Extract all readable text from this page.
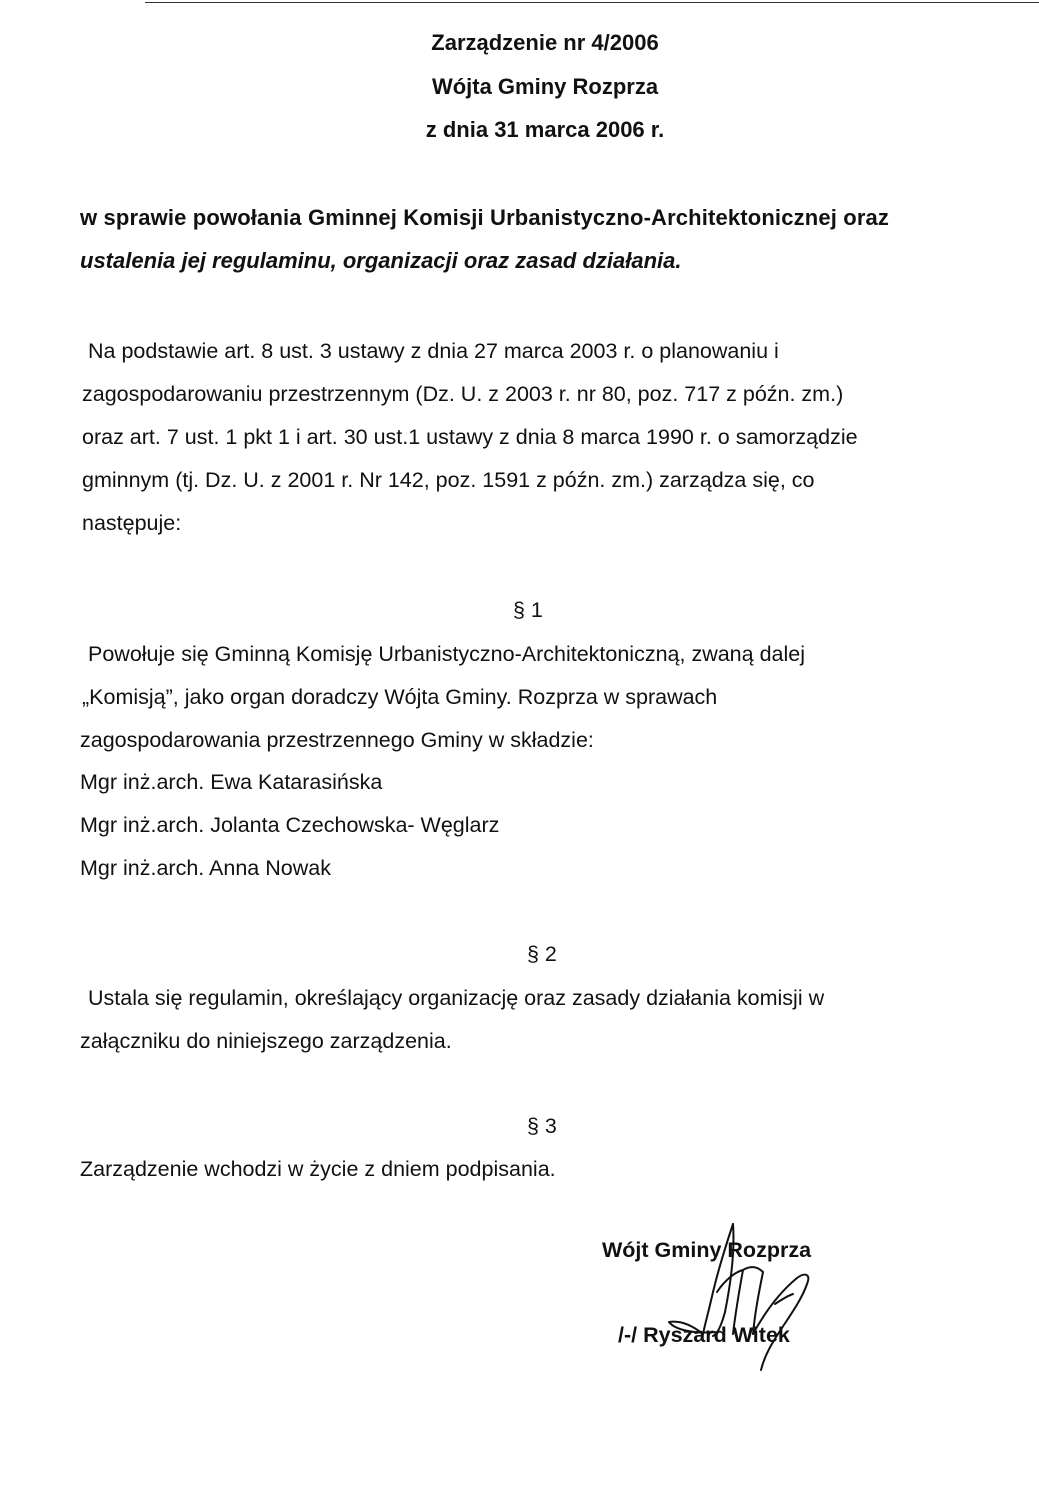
Zarządzenie nr 4/2006
Wójta Gminy Rozprza
z dnia 31 marca 2006 r.
w sprawie powołania Gminnej Komisji Urbanistyczno-Architektonicznej oraz
ustalenia jej regulaminu, organizacji oraz zasad działania.
Na podstawie art. 8 ust. 3 ustawy z dnia 27 marca 2003 r. o planowaniu i
zagospodarowaniu przestrzennym (Dz. U. z 2003 r. nr 80, poz. 717 z późn. zm.)
oraz art. 7 ust. 1 pkt 1 i art. 30 ust.1 ustawy z dnia 8 marca 1990 r. o samorządzie
gminnym (tj. Dz. U. z 2001 r. Nr 142, poz. 1591 z późn. zm.) zarządza się, co
następuje:
§ 1
Powołuje się Gminną Komisję Urbanistyczno-Architektoniczną, zwaną dalej
„Komisją”, jako organ doradczy Wójta Gminy. Rozprza w sprawach
zagospodarowania przestrzennego Gminy w składzie:
Mgr inż.arch. Ewa Katarasińska
Mgr inż.arch. Jolanta Czechowska- Węglarz
Mgr inż.arch. Anna Nowak
§ 2
Ustala się regulamin, określający organizację oraz zasady działania komisji w
załączniku do niniejszego zarządzenia.
§ 3
Zarządzenie wchodzi w życie z dniem podpisania.
Wójt Gminy Rozprza
/-/ Ryszard Witek
